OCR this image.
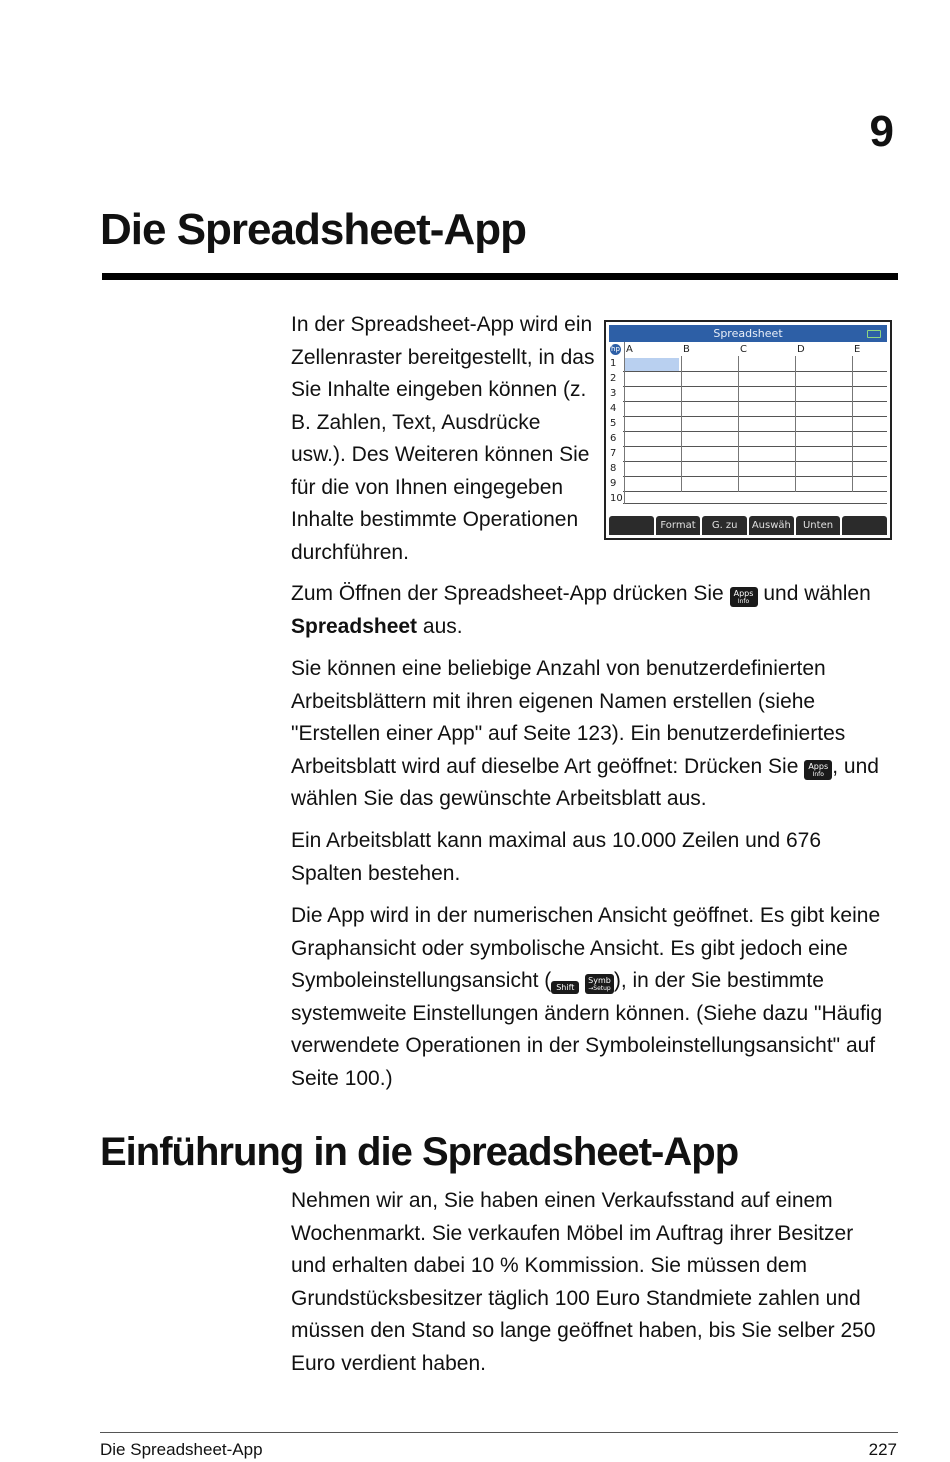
9
Die Spreadsheet-App

In der Spreadsheet-App wird ein Zellenraster bereitgestellt, in das Sie Inhalte eingeben können (z. B. Zahlen, Text, Ausdrücke usw.). Des Weiteren können Sie für die von Ihnen eingegeben Inhalte bestimmte Operationen durchführen.

Spreadsheet
hp A	B	C	D	E
1
2
3
4
5
6
7
8
9
10
Format	G. zu	Auswäh	Unten

Zum Öffnen der Spreadsheet-App drücken Sie Apps
Info und wählen
Spreadsheet aus.

Sie können eine beliebige Anzahl von benutzerdefinierten Arbeitsblättern mit ihren eigenen Namen erstellen (siehe "Erstellen einer App" auf Seite 123). Ein benutzerdefiniertes Arbeitsblatt wird auf dieselbe Art geöffnet: Drücken Sie Apps
Info , und wählen Sie das gewünschte Arbeitsblatt aus.

Ein Arbeitsblatt kann maximal aus 10.000 Zeilen und 676 Spalten bestehen.

Die App wird in der numerischen Ansicht geöffnet. Es gibt keine Graphansicht oder symbolische Ansicht. Es gibt jedoch eine Symboleinstellungsansicht ( Shift Symb
→Setup ), in der Sie bestimmte systemweite Einstellungen ändern können. (Siehe dazu "Häufig verwendete Operationen in der Symboleinstellungsansicht" auf Seite 100.)

Einführung in die Spreadsheet-App

Nehmen wir an, Sie haben einen Verkaufsstand auf einem Wochenmarkt. Sie verkaufen Möbel im Auftrag ihrer Besitzer und erhalten dabei 10 % Kommission. Sie müssen dem Grundstücksbesitzer täglich 100 Euro Standmiete zahlen und müssen den Stand so lange geöffnet haben, bis Sie selber 250 Euro verdient haben.

Die Spreadsheet-App	227
